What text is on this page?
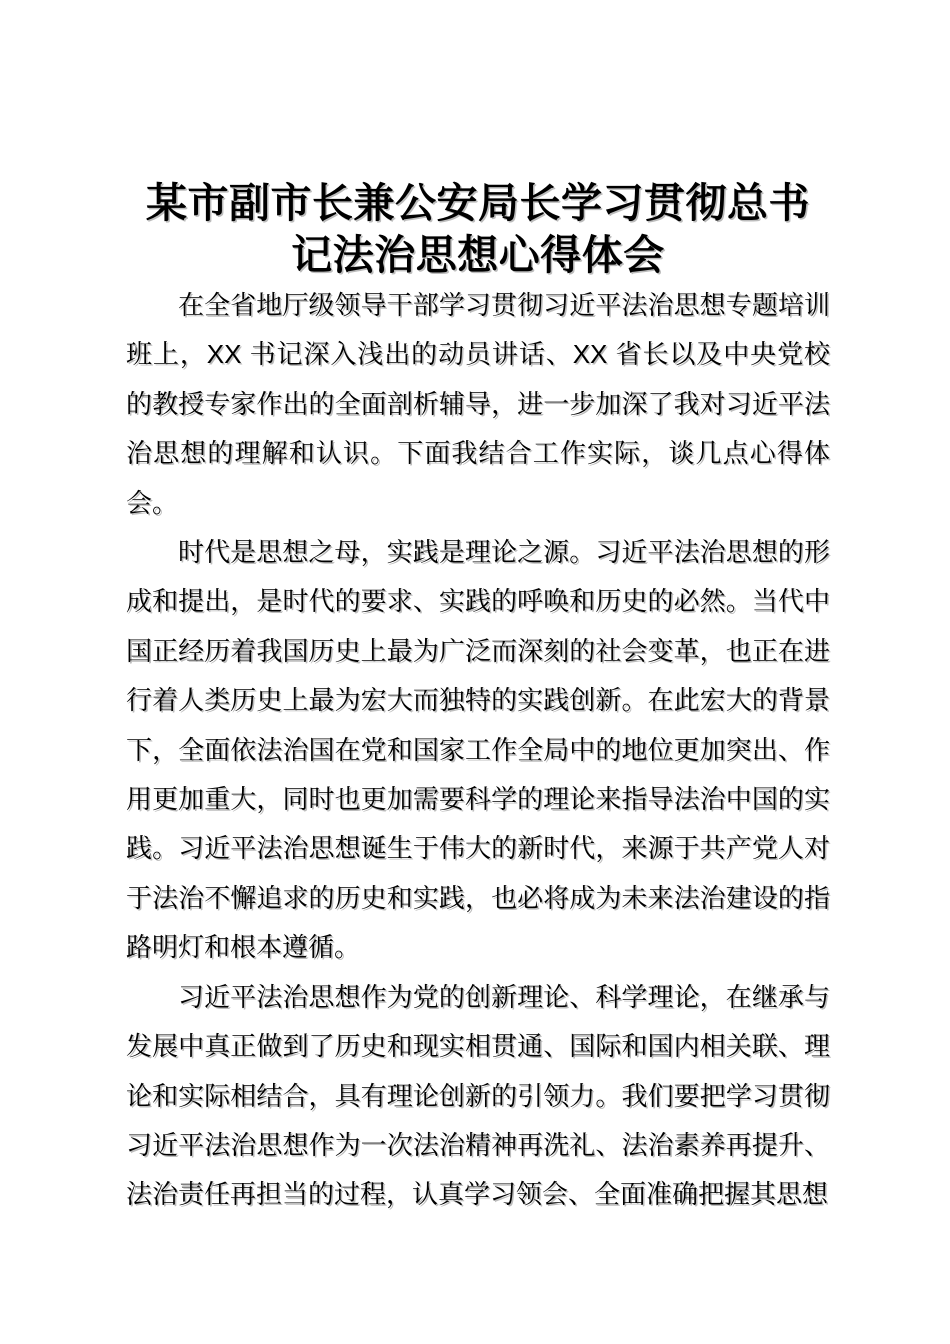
某市副市长兼公安局长学习贯彻总书记法治思想心得体会

在全省地厅级领导干部学习贯彻习近平法治思想专题培训班上，XX 书记深入浅出的动员讲话、XX 省长以及中央党校的教授专家作出的全面剖析辅导，进一步加深了我对习近平法治思想的理解和认识。下面我结合工作实际，谈几点心得体会。

时代是思想之母，实践是理论之源。习近平法治思想的形成和提出，是时代的要求、实践的呼唤和历史的必然。当代中国正经历着我国历史上最为广泛而深刻的社会变革，也正在进行着人类历史上最为宏大而独特的实践创新。在此宏大的背景下，全面依法治国在党和国家工作全局中的地位更加突出、作用更加重大，同时也更加需要科学的理论来指导法治中国的实践。习近平法治思想诞生于伟大的新时代，来源于共产党人对于法治不懈追求的历史和实践，也必将成为未来法治建设的指路明灯和根本遵循。

习近平法治思想作为党的创新理论、科学理论，在继承与发展中真正做到了历史和现实相贯通、国际和国内相关联、理论和实际相结合，具有理论创新的引领力。我们要把学习贯彻习近平法治思想作为一次法治精神再洗礼、法治素养再提升、法治责任再担当的过程，认真学习领会、全面准确把握其思想
